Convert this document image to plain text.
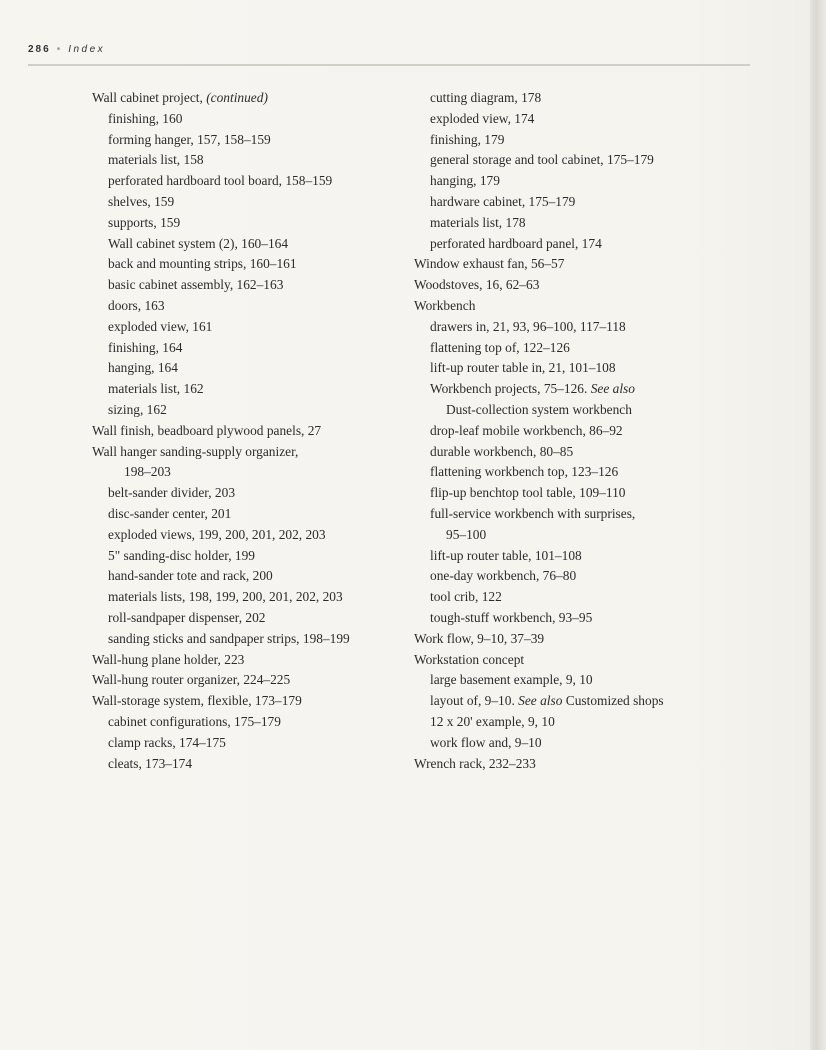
286 • Index
Wall cabinet project, (continued)
finishing, 160
forming hanger, 157, 158–159
materials list, 158
perforated hardboard tool board, 158–159
shelves, 159
supports, 159
Wall cabinet system (2), 160–164
back and mounting strips, 160–161
basic cabinet assembly, 162–163
doors, 163
exploded view, 161
finishing, 164
hanging, 164
materials list, 162
sizing, 162
Wall finish, beadboard plywood panels, 27
Wall hanger sanding-supply organizer,
198–203
belt-sander divider, 203
disc-sander center, 201
exploded views, 199, 200, 201, 202, 203
5" sanding-disc holder, 199
hand-sander tote and rack, 200
materials lists, 198, 199, 200, 201, 202, 203
roll-sandpaper dispenser, 202
sanding sticks and sandpaper strips, 198–199
Wall-hung plane holder, 223
Wall-hung router organizer, 224–225
Wall-storage system, flexible, 173–179
cabinet configurations, 175–179
clamp racks, 174–175
cleats, 173–174
cutting diagram, 178
exploded view, 174
finishing, 179
general storage and tool cabinet, 175–179
hanging, 179
hardware cabinet, 175–179
materials list, 178
perforated hardboard panel, 174
Window exhaust fan, 56–57
Woodstoves, 16, 62–63
Workbench
drawers in, 21, 93, 96–100, 117–118
flattening top of, 122–126
lift-up router table in, 21, 101–108
Workbench projects, 75–126. See also
Dust-collection system workbench
drop-leaf mobile workbench, 86–92
durable workbench, 80–85
flattening workbench top, 123–126
flip-up benchtop tool table, 109–110
full-service workbench with surprises,
95–100
lift-up router table, 101–108
one-day workbench, 76–80
tool crib, 122
tough-stuff workbench, 93–95
Work flow, 9–10, 37–39
Workstation concept
large basement example, 9, 10
layout of, 9–10. See also Customized shops
12 x 20' example, 9, 10
work flow and, 9–10
Wrench rack, 232–233
